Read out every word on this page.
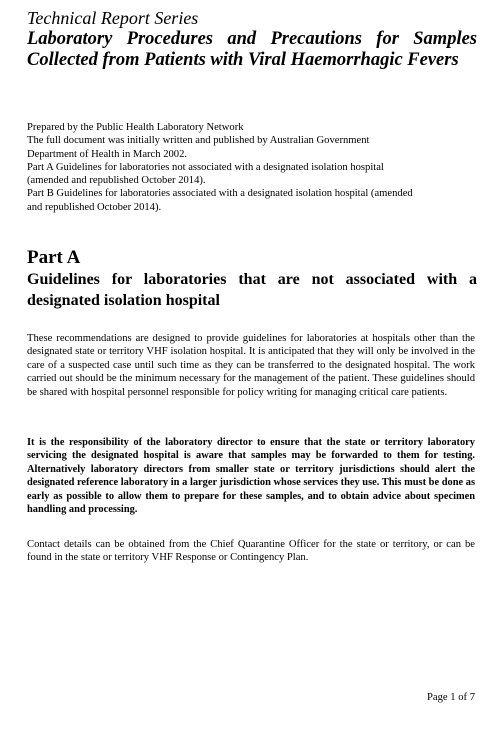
Technical Report Series
Laboratory Procedures and Precautions for Samples Collected from Patients with Viral Haemorrhagic Fevers
Prepared by the Public Health Laboratory Network
The full document was initially written and published by Australian Government
Department of Health in March 2002.
Part A Guidelines for laboratories not associated with a designated isolation hospital
(amended and republished October 2014).
Part B Guidelines for laboratories associated with a designated isolation hospital (amended
and republished October 2014).
Part A
Guidelines for laboratories that are not associated with a designated isolation hospital

These recommendations are designed to provide guidelines for laboratories at hospitals other than the designated state or territory VHF isolation hospital. It is anticipated that they will only be involved in the care of a suspected case until such time as they can be transferred to the designated hospital. The work carried out should be the minimum necessary for the management of the patient. These guidelines should be shared with hospital personnel responsible for policy writing for managing critical care patients.

It is the responsibility of the laboratory director to ensure that the state or territory laboratory servicing the designated hospital is aware that samples may be forwarded to them for testing. Alternatively laboratory directors from smaller state or territory jurisdictions should alert the designated reference laboratory in a larger jurisdiction whose services they use. This must be done as early as possible to allow them to prepare for these samples, and to obtain advice about specimen handling and processing.

Contact details can be obtained from the Chief Quarantine Officer for the state or territory, or can be found in the state or territory VHF Response or Contingency Plan.

Page 1 of 7
